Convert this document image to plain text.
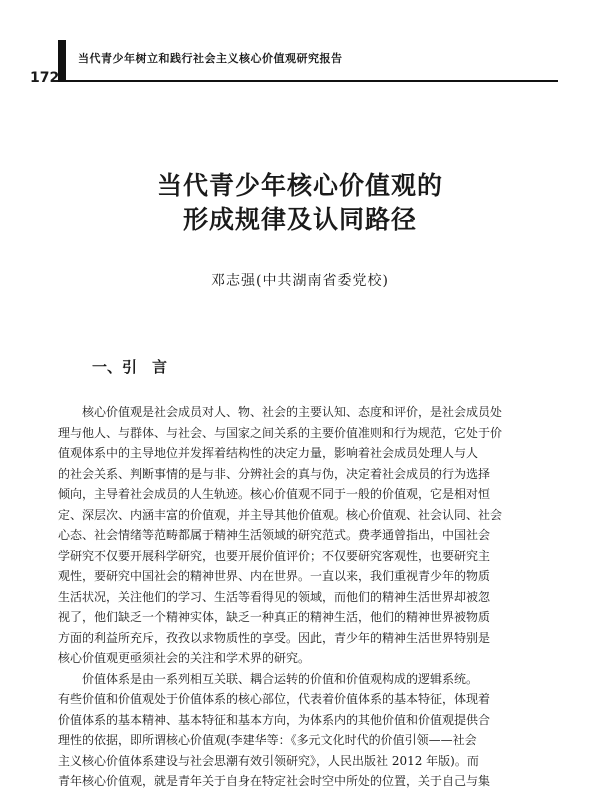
当代青少年树立和践行社会主义核心价值观研究报告
172
当代青少年核心价值观的
形成规律及认同路径
邓志强(中共湖南省委党校)
一、引　言
核心价值观是社会成员对人、物、社会的主要认知、态度和评价，是社会成员处
理与他人、与群体、与社会、与国家之间关系的主要价值准则和行为规范，它处于价
值观体系中的主导地位并发挥着结构性的决定力量，影响着社会成员处理人与人
的社会关系、判断事情的是与非、分辨社会的真与伪，决定着社会成员的行为选择
倾向，主导着社会成员的人生轨迹。核心价值观不同于一般的价值观，它是相对恒
定、深层次、内涵丰富的价值观，并主导其他价值观。核心价值观、社会认同、社会
心态、社会情绪等范畴都属于精神生活领域的研究范式。费孝通曾指出，中国社会
学研究不仅要开展科学研究，也要开展价值评价；不仅要研究客观性，也要研究主
观性，要研究中国社会的精神世界、内在世界。一直以来，我们重视青少年的物质
生活状况，关注他们的学习、生活等看得见的领域，而他们的精神生活世界却被忽
视了，他们缺乏一个精神实体，缺乏一种真正的精神生活，他们的精神世界被物质
方面的利益所充斥，孜孜以求物质性的享受。因此，青少年的精神生活世界特别是
核心价值观更亟须社会的关注和学术界的研究。
价值体系是由一系列相互关联、耦合运转的价值和价值观构成的逻辑系统。
有些价值和价值观处于价值体系的核心部位，代表着价值体系的基本特征，体现着
价值体系的基本精神、基本特征和基本方向，为体系内的其他价值和价值观提供合
理性的依据，即所谓核心价值观(李建华等：《多元文化时代的价值引领——社会
主义核心价值体系建设与社会思潮有效引领研究》，人民出版社 2012 年版)。而
青年核心价值观，就是青年关于自身在特定社会时空中所处的位置，关于自己与集
